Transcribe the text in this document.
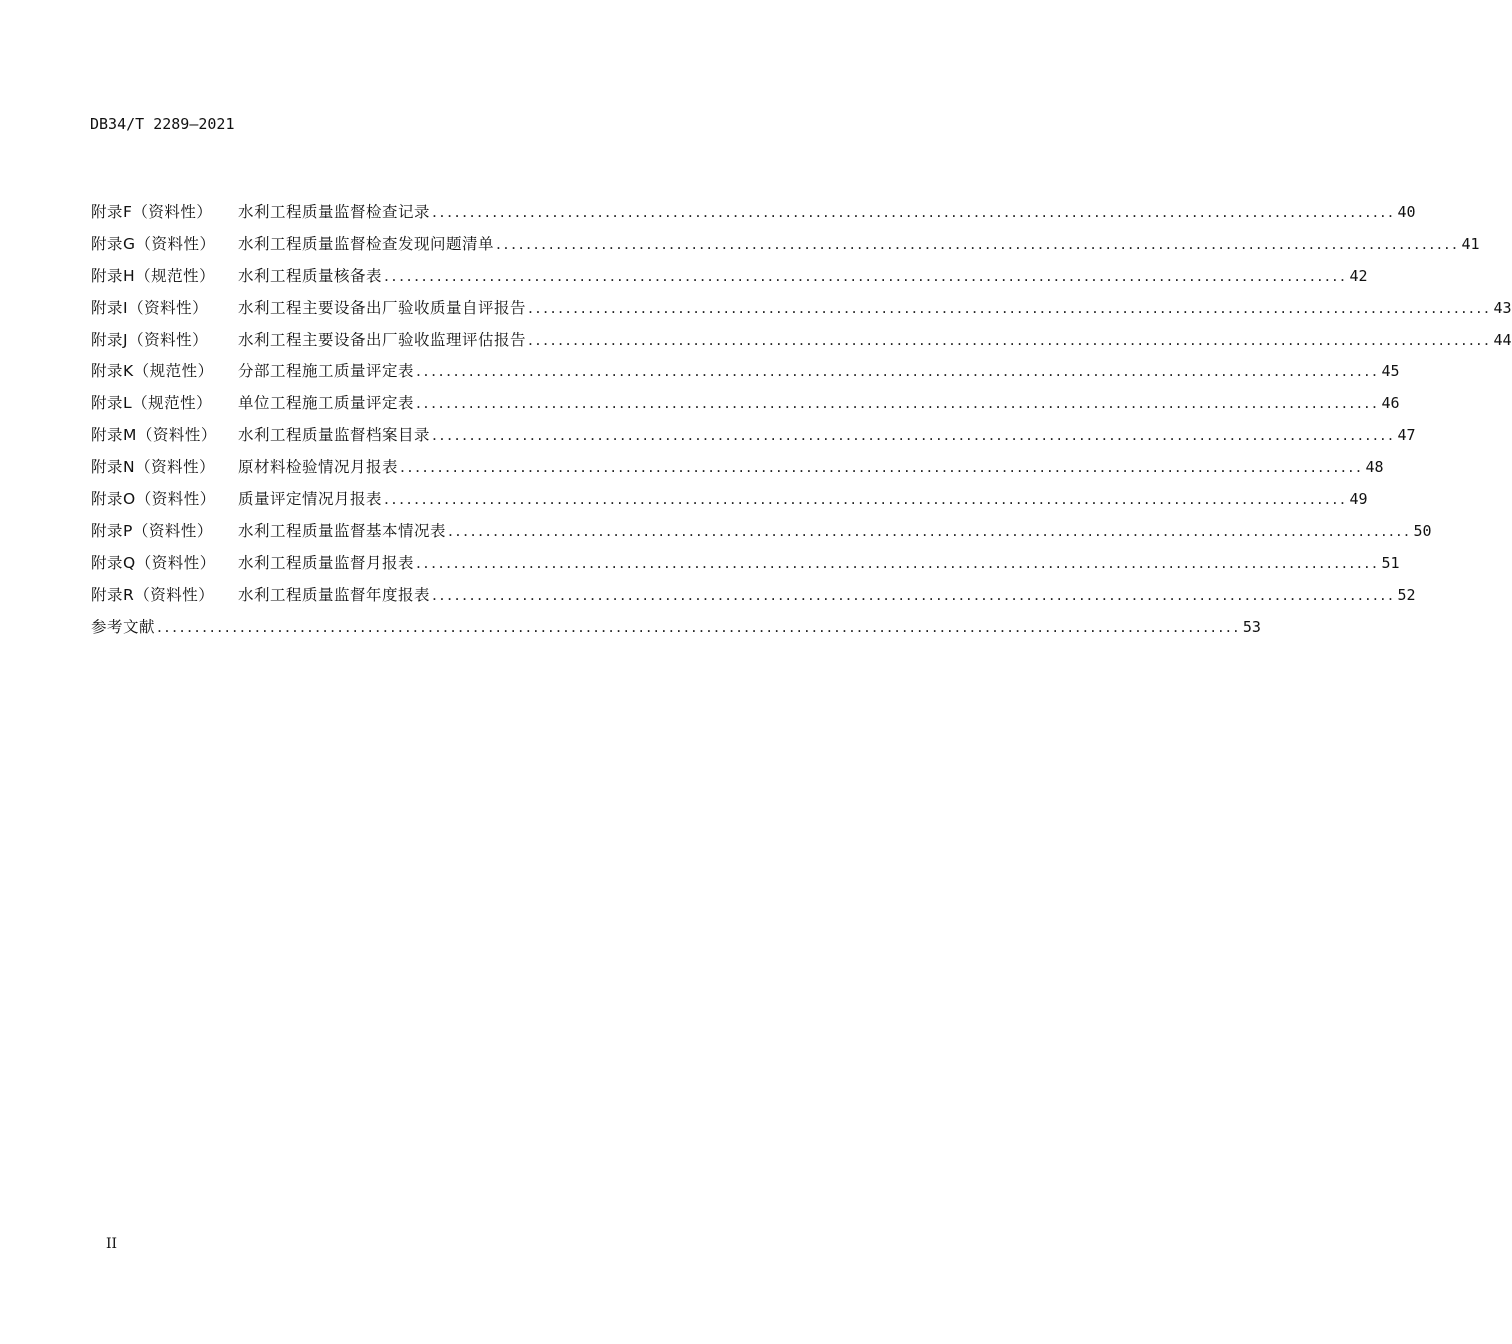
DB34/T 2289—2021
附录F（资料性）	水利工程质量监督检查记录 ................................................................................................................................ 40
附录G（资料性）	水利工程质量监督检查发现问题清单 ................................................................................................................................ 41
附录H（规范性）	水利工程质量核备表 ................................................................................................................................ 42
附录I（资料性）	水利工程主要设备出厂验收质量自评报告 ................................................................................................................................ 43
附录J（资料性）	水利工程主要设备出厂验收监理评估报告 ................................................................................................................................ 44
附录K（规范性）	分部工程施工质量评定表 ................................................................................................................................ 45
附录L（规范性）	单位工程施工质量评定表 ................................................................................................................................ 46
附录M（资料性）	水利工程质量监督档案目录 ................................................................................................................................ 47
附录N（资料性）	原材料检验情况月报表 ................................................................................................................................ 48
附录O（资料性）	质量评定情况月报表 ................................................................................................................................ 49
附录P（资料性）	水利工程质量监督基本情况表 ................................................................................................................................ 50
附录Q（资料性）	水利工程质量监督月报表 ................................................................................................................................ 51
附录R（资料性）	水利工程质量监督年度报表 ................................................................................................................................ 52
参考文献 ................................................................................................................................................ 53
II
